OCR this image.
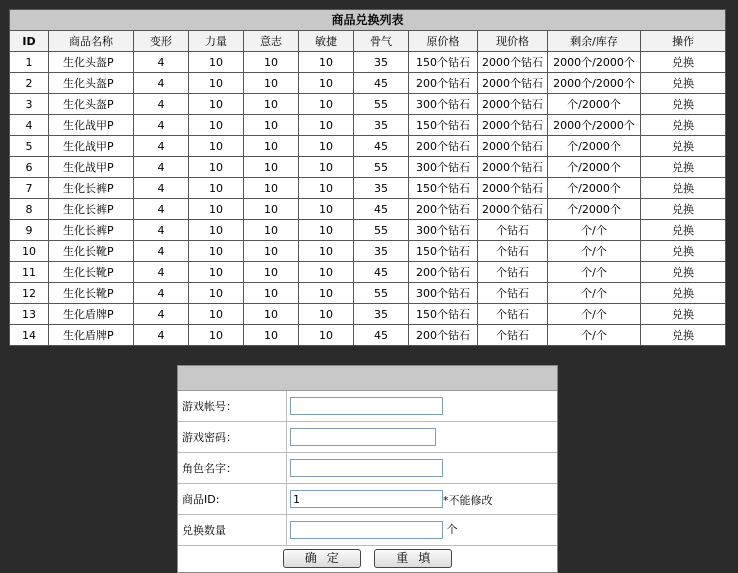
商品兑换列表
ID	商品名称	变形	力量	意志	敏捷	骨气	原价格	现价格	剩余/库存	操作
1	生化头盔P	4	10	10	10	35	150个钻石	2000个钻石	2000个/2000个	兑换
2	生化头盔P	4	10	10	10	45	200个钻石	2000个钻石	2000个/2000个	兑换
3	生化头盔P	4	10	10	10	55	300个钻石	2000个钻石	个/2000个	兑换
4	生化战甲P	4	10	10	10	35	150个钻石	2000个钻石	2000个/2000个	兑换
5	生化战甲P	4	10	10	10	45	200个钻石	2000个钻石	个/2000个	兑换
6	生化战甲P	4	10	10	10	55	300个钻石	2000个钻石	个/2000个	兑换
7	生化长裤P	4	10	10	10	35	150个钻石	2000个钻石	个/2000个	兑换
8	生化长裤P	4	10	10	10	45	200个钻石	2000个钻石	个/2000个	兑换
9	生化长裤P	4	10	10	10	55	300个钻石	个钻石	个/个	兑换
10	生化长靴P	4	10	10	10	35	150个钻石	个钻石	个/个	兑换
11	生化长靴P	4	10	10	10	45	200个钻石	个钻石	个/个	兑换
12	生化长靴P	4	10	10	10	55	300个钻石	个钻石	个/个	兑换
13	生化盾牌P	4	10	10	10	35	150个钻石	个钻石	个/个	兑换
14	生化盾牌P	4	10	10	10	45	200个钻石	个钻石	个/个	兑换
游戏帐号：	
游戏密码：	
角色名字：	
商品ID:	1*不能修改
兑换数量	个
确定	重填
